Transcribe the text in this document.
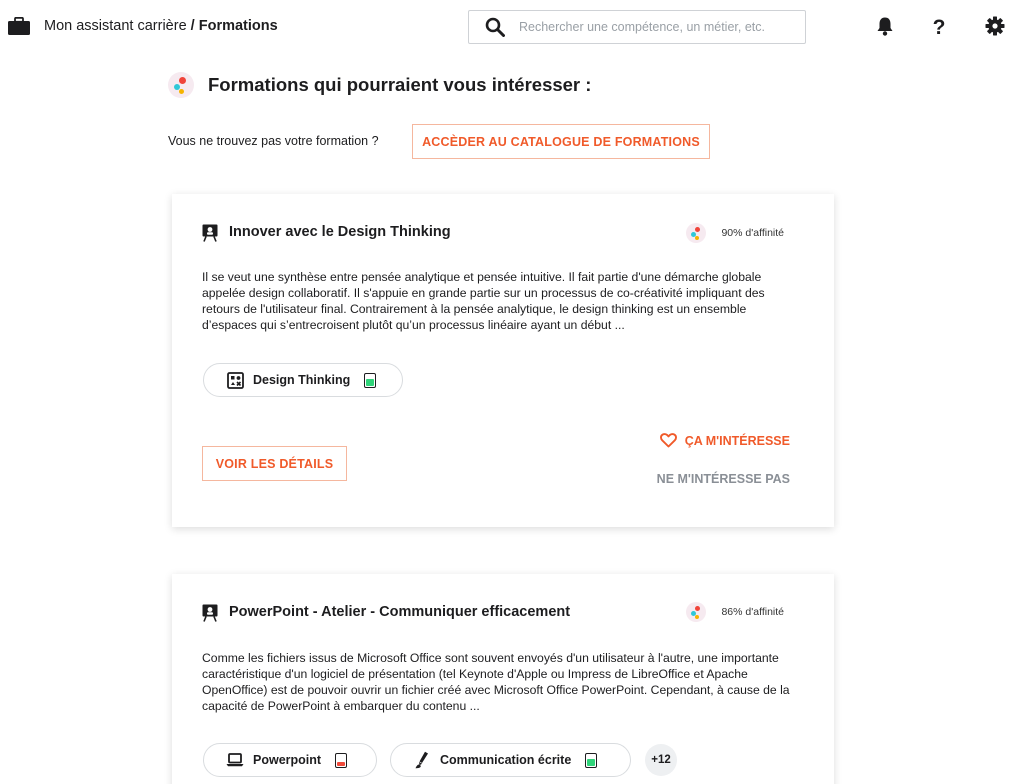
Mon assistant carrière / Formations
Rechercher une compétence, un métier, etc.	?
Formations qui pourraient vous intéresser :
Vous ne trouvez pas votre formation ?	ACCÈDER AU CATALOGUE DE FORMATIONS
Innover avec le Design Thinking	90% d'affinité
Il se veut une synthèse entre pensée analytique et pensée intuitive. Il fait partie d'une démarche globale appelée design collaboratif. Il s'appuie en grande partie sur un processus de co-créativité impliquant des retours de l'utilisateur final. Contrairement à la pensée analytique, le design thinking est un ensemble d’espaces qui s’entrecroisent plutôt qu’un processus linéaire ayant un début ...
Design Thinking
ÇA M'INTÉRESSE
VOIR LES DÉTAILS
NE M'INTÉRESSE PAS
PowerPoint - Atelier - Communiquer efficacement	86% d'affinité
Comme les fichiers issus de Microsoft Office sont souvent envoyés d'un utilisateur à l'autre, une importante caractéristique d'un logiciel de présentation (tel Keynote d'Apple ou Impress de LibreOffice et Apache OpenOffice) est de pouvoir ouvrir un fichier créé avec Microsoft Office PowerPoint. Cependant, à cause de la capacité de PowerPoint à embarquer du contenu ...
Powerpoint	Communication écrite	+12
